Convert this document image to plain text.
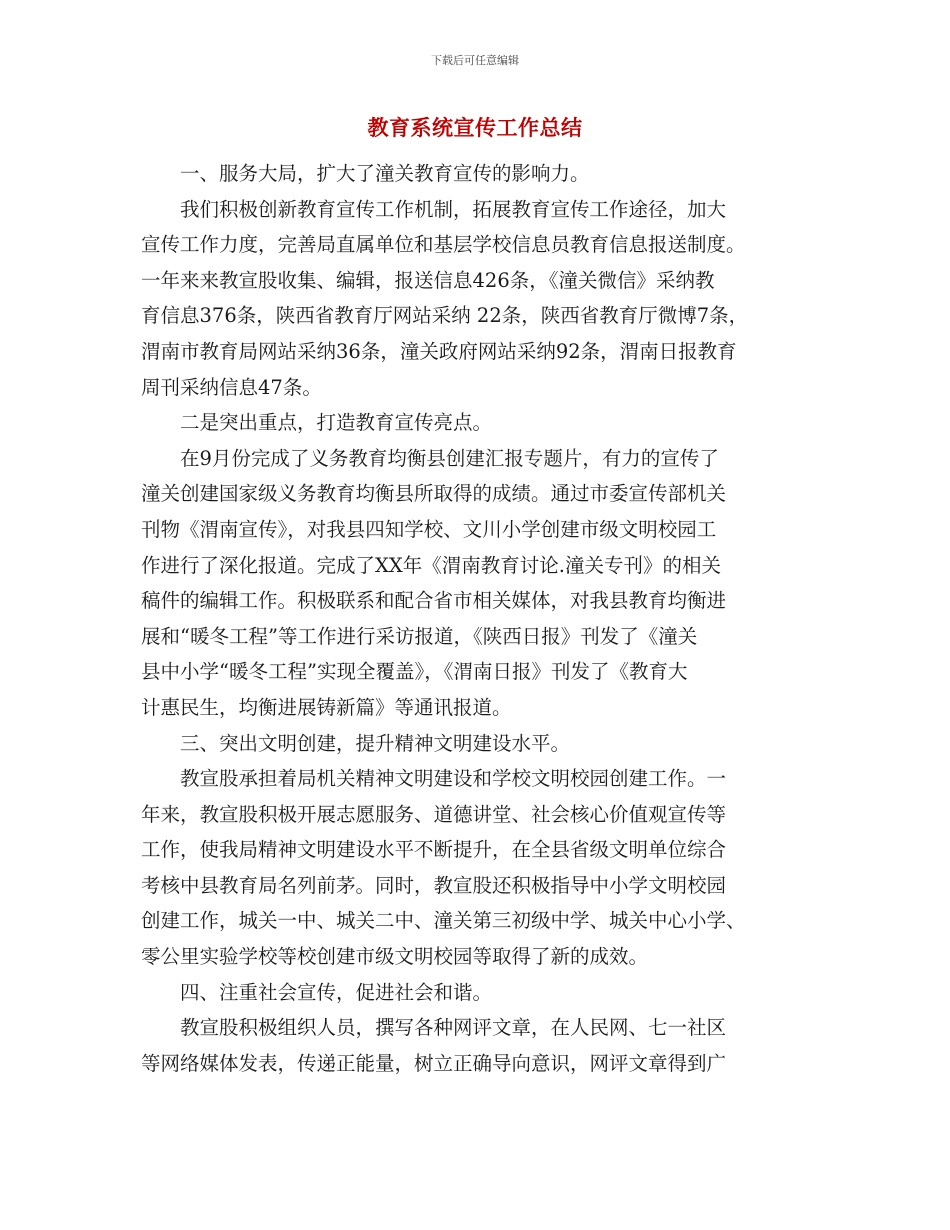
下载后可任意编辑
教育系统宣传工作总结
一、服务大局，扩大了潼关教育宣传的影响力。
我们积极创新教育宣传工作机制，拓展教育宣传工作途径，加大
宣传工作力度，完善局直属单位和基层学校信息员教育信息报送制度。
一年来来教宣股收集、编辑，报送信息426条，《潼关微信》采纳教
育信息376条，陕西省教育厅网站采纳 22条，陕西省教育厅微博7条，
渭南市教育局网站采纳36条，潼关政府网站采纳92条，渭南日报教育
周刊采纳信息47条。
二是突出重点，打造教育宣传亮点。
在9月份完成了义务教育均衡县创建汇报专题片，有力的宣传了
潼关创建国家级义务教育均衡县所取得的成绩。通过市委宣传部机关
刊物《渭南宣传》，对我县四知学校、文川小学创建市级文明校园工
作进行了深化报道。完成了XX年《渭南教育讨论.潼关专刊》的相关
稿件的编辑工作。积极联系和配合省市相关媒体，对我县教育均衡进
展和“暖冬工程”等工作进行采访报道，《陕西日报》刊发了《潼关
县中小学“暖冬工程”实现全覆盖》，《渭南日报》刊发了《教育大
计惠民生，均衡进展铸新篇》等通讯报道。
三、突出文明创建，提升精神文明建设水平。
教宣股承担着局机关精神文明建设和学校文明校园创建工作。一
年来，教宣股积极开展志愿服务、道德讲堂、社会核心价值观宣传等
工作，使我局精神文明建设水平不断提升，在全县省级文明单位综合
考核中县教育局名列前茅。同时，教宣股还积极指导中小学文明校园
创建工作，城关一中、城关二中、潼关第三初级中学、城关中心小学、
零公里实验学校等校创建市级文明校园等取得了新的成效。
四、注重社会宣传，促进社会和谐。
教宣股积极组织人员，撰写各种网评文章，在人民网、七一社区
等网络媒体发表，传递正能量，树立正确导向意识，网评文章得到广
